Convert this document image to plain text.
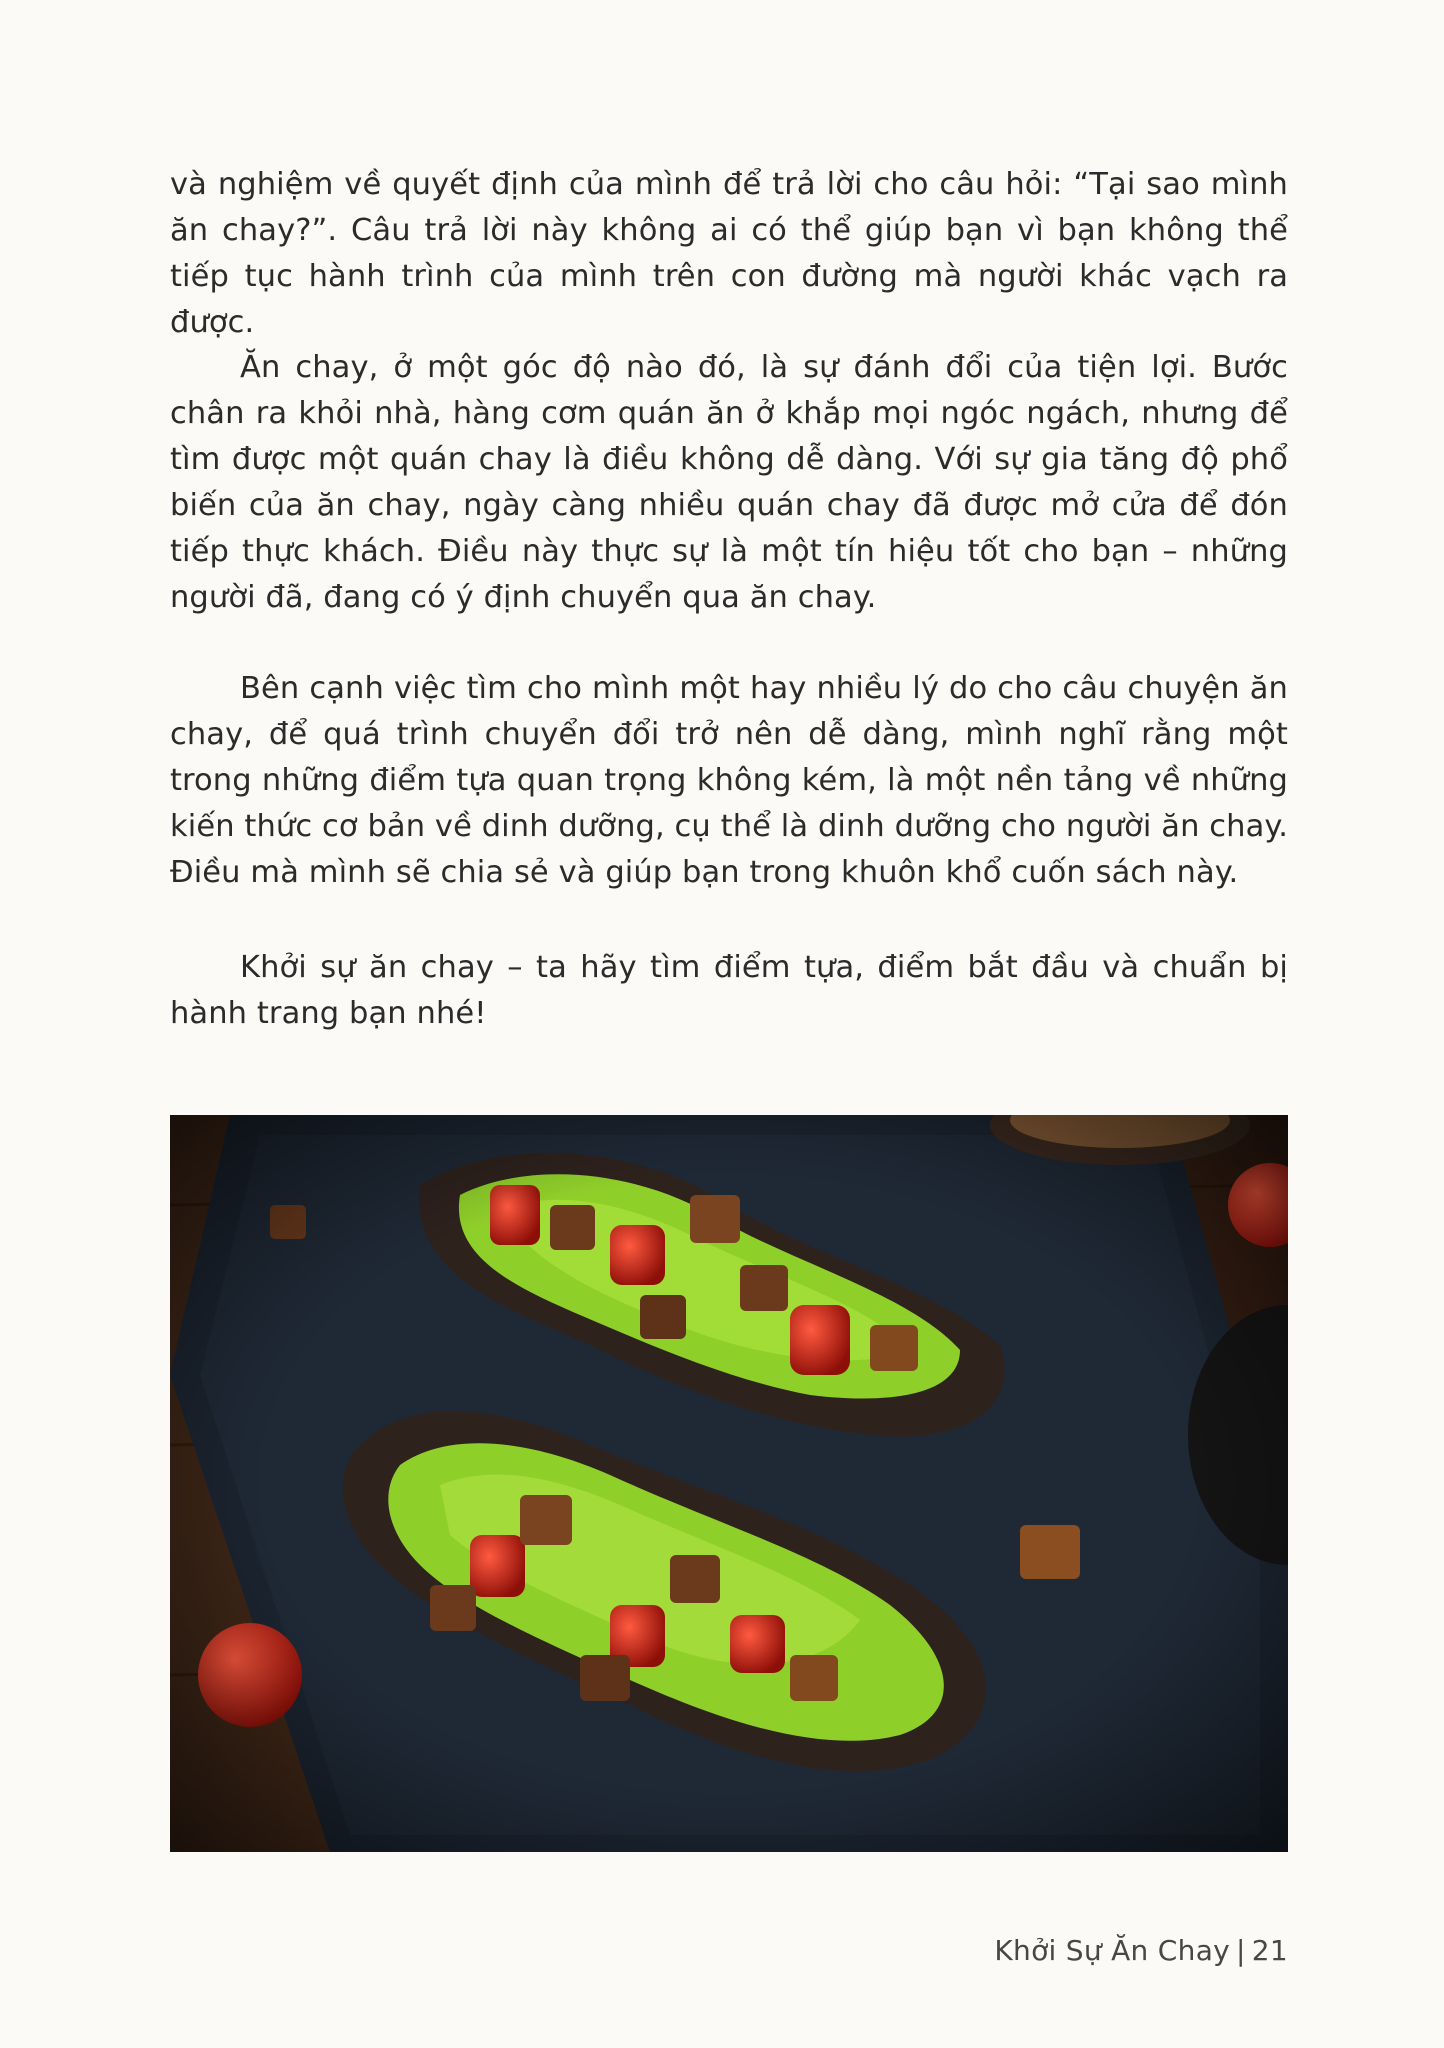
và nghiệm về quyết định của mình để trả lời cho câu hỏi: “Tại sao mình ăn chay?”. Câu trả lời này không ai có thể giúp bạn vì bạn không thể tiếp tục hành trình của mình trên con đường mà người khác vạch ra được.

Ăn chay, ở một góc độ nào đó, là sự đánh đổi của tiện lợi. Bước chân ra khỏi nhà, hàng cơm quán ăn ở khắp mọi ngóc ngách, nhưng để tìm được một quán chay là điều không dễ dàng. Với sự gia tăng độ phổ biến của ăn chay, ngày càng nhiều quán chay đã được mở cửa để đón tiếp thực khách. Điều này thực sự là một tín hiệu tốt cho bạn – những người đã, đang có ý định chuyển qua ăn chay.

Bên cạnh việc tìm cho mình một hay nhiều lý do cho câu chuyện ăn chay, để quá trình chuyển đổi trở nên dễ dàng, mình nghĩ rằng một trong những điểm tựa quan trọng không kém, là một nền tảng về những kiến thức cơ bản về dinh dưỡng, cụ thể là dinh dưỡng cho người ăn chay. Điều mà mình sẽ chia sẻ và giúp bạn trong khuôn khổ cuốn sách này.

Khởi sự ăn chay – ta hãy tìm điểm tựa, điểm bắt đầu và chuẩn bị hành trang bạn nhé!

Khởi Sự Ăn Chay | 21
